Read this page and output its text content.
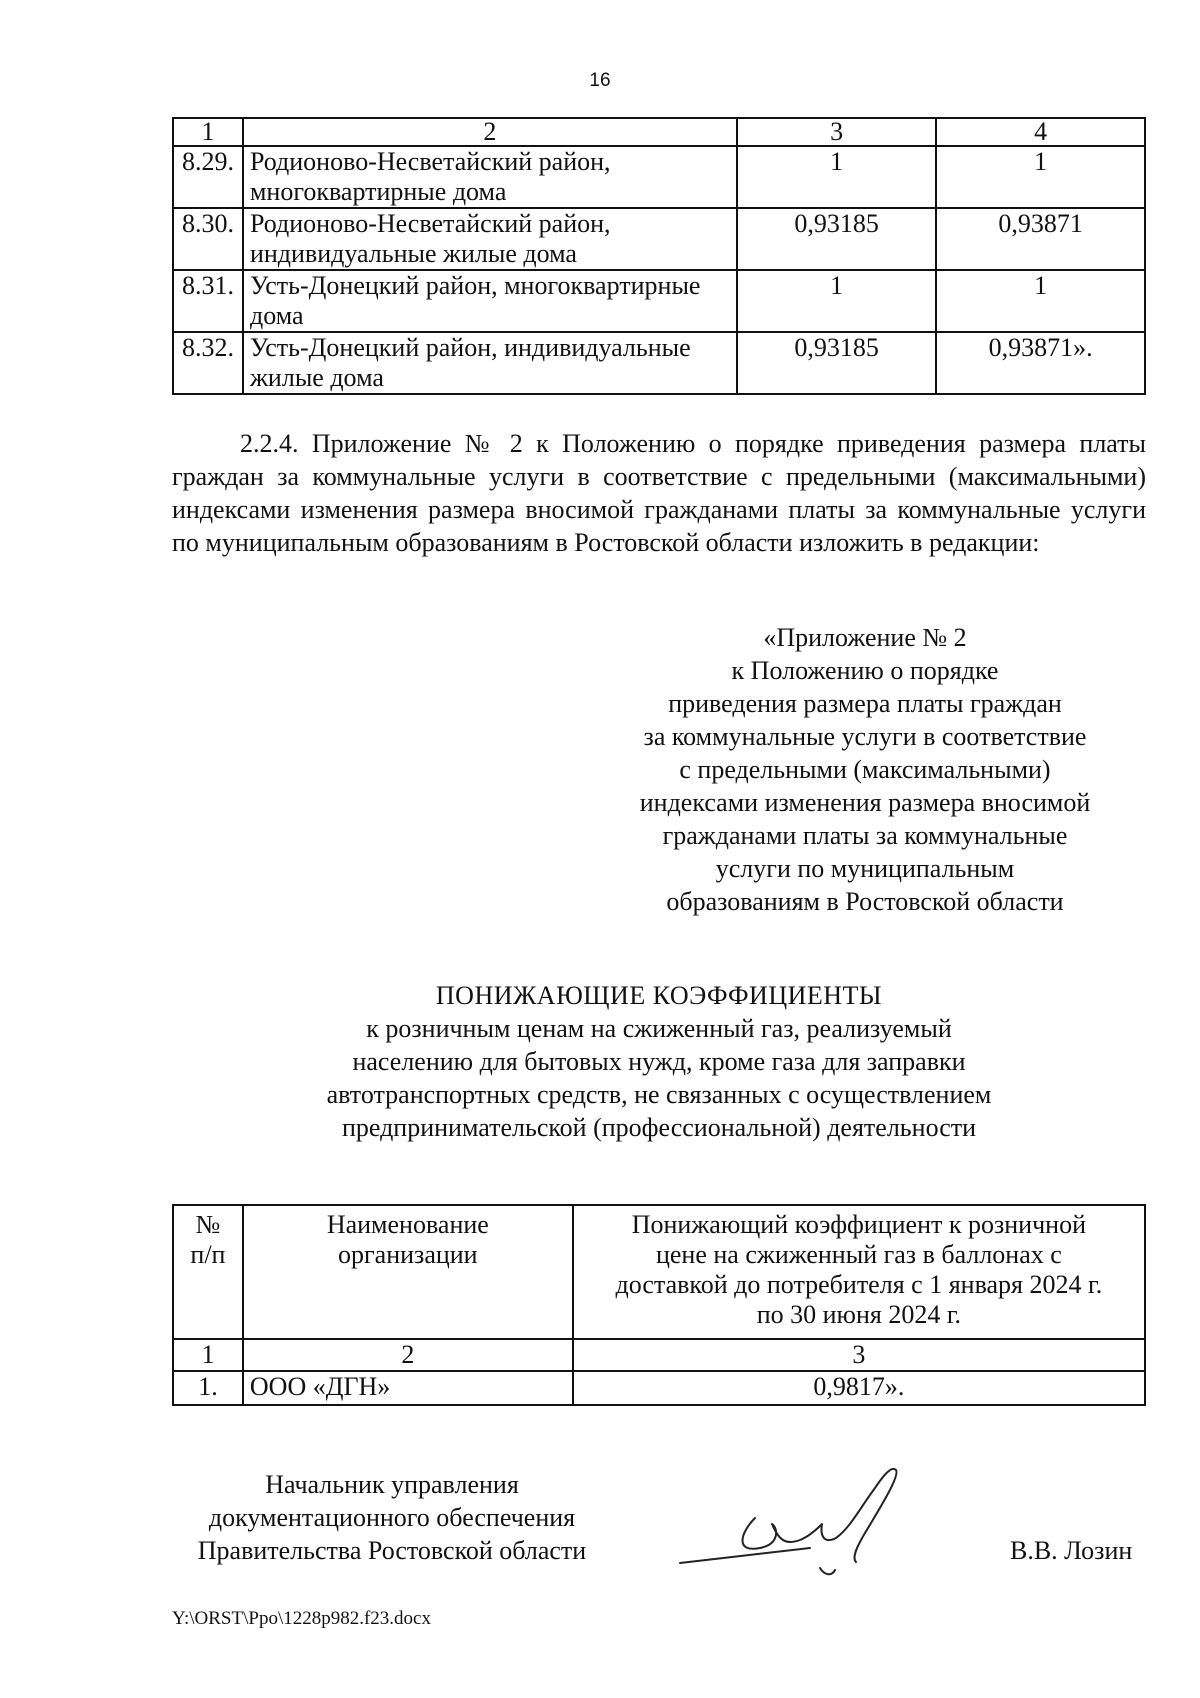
16
1	2	3	4
8.29.	Родионово-Несветайский район, многоквартирные дома	1	1
8.30.	Родионово-Несветайский район, индивидуальные жилые дома	0,93185	0,93871
8.31.	Усть-Донецкий район, многоквартирные дома	1	1
8.32.	Усть-Донецкий район, индивидуальные жилые дома	0,93185	0,93871».

2.2.4. Приложение № 2 к Положению о порядке приведения размера платы граждан за коммунальные услуги в соответствие с предельными (максимальными) индексами изменения размера вносимой гражданами платы за коммунальные услуги по муниципальным образованиям в Ростовской области изложить в редакции:

«Приложение № 2
к Положению о порядке
приведения размера платы граждан
за коммунальные услуги в соответствие
с предельными (максимальными)
индексами изменения размера вносимой
гражданами платы за коммунальные
услуги по муниципальным
образованиям в Ростовской области
ПОНИЖАЮЩИЕ КОЭФФИЦИЕНТЫ
к розничным ценам на сжиженный газ, реализуемый
населению для бытовых нужд, кроме газа для заправки
автотранспортных средств, не связанных с осуществлением
предпринимательской (профессиональной) деятельности
№ п/п	Наименование организации	Понижающий коэффициент к розничной цене на сжиженный газ в баллонах с доставкой до потребителя с 1 января 2024 г. по 30 июня 2024 г.
1	2	3
1.	ООО «ДГН»	0,9817».
Начальник управления
документационного обеспечения
Правительства Ростовской области	В.В. Лозин
Y:\ORST\Ppo\1228p982.f23.docx
